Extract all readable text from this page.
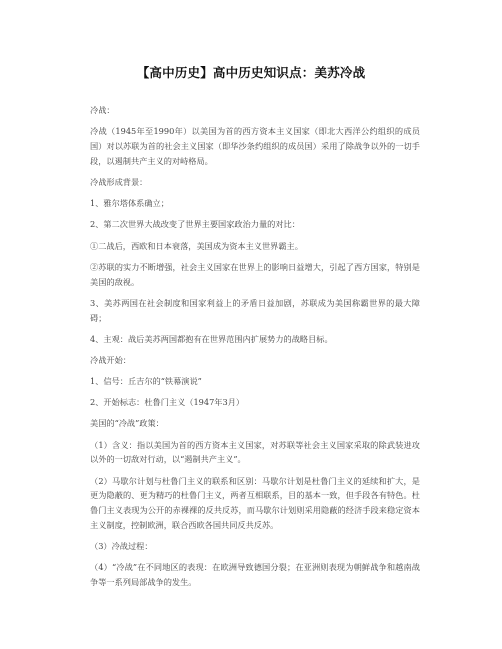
【高中历史】高中历史知识点：美苏冷战

冷战：

冷战（1945年至1990年）以美国为首的西方资本主义国家（即北大西洋公约组织的成员国）对以苏联为首的社会主义国家（即华沙条约组织的成员国）采用了除战争以外的一切手段，以遏制共产主义的对峙格局。

冷战形成背景：

1、雅尔塔体系确立；

2、第二次世界大战改变了世界主要国家政治力量的对比：

①二战后，西欧和日本衰落，美国成为资本主义世界霸主。

②苏联的实力不断增强，社会主义国家在世界上的影响日益增大，引起了西方国家，特别是美国的敌视。

3、美苏两国在社会制度和国家利益上的矛盾日益加剧，苏联成为美国称霸世界的最大障碍；

4、主观：战后美苏两国都抱有在世界范围内扩展势力的战略目标。

冷战开始：

1、信号：丘吉尔的“铁幕演说”

2、开始标志：杜鲁门主义（1947年3月）

美国的“冷战”政策：

（1）含义：指以美国为首的西方资本主义国家，对苏联等社会主义国家采取的除武装进攻以外的一切敌对行动，以“遏制共产主义”。

（2）马歇尔计划与杜鲁门主义的联系和区别：马歇尔计划是杜鲁门主义的延续和扩大，是更为隐蔽的、更为精巧的杜鲁门主义，两者互相联系，目的基本一致，但手段各有特色。杜鲁门主义表现为公开的赤裸裸的反共反苏，而马歇尔计划则采用隐蔽的经济手段来稳定资本主义制度，控制欧洲，联合西欧各国共同反共反苏。

（3）冷战过程：

（4）“冷战”在不同地区的表现：在欧洲导致德国分裂；在亚洲则表现为朝鲜战争和越南战争等一系列局部战争的发生。
